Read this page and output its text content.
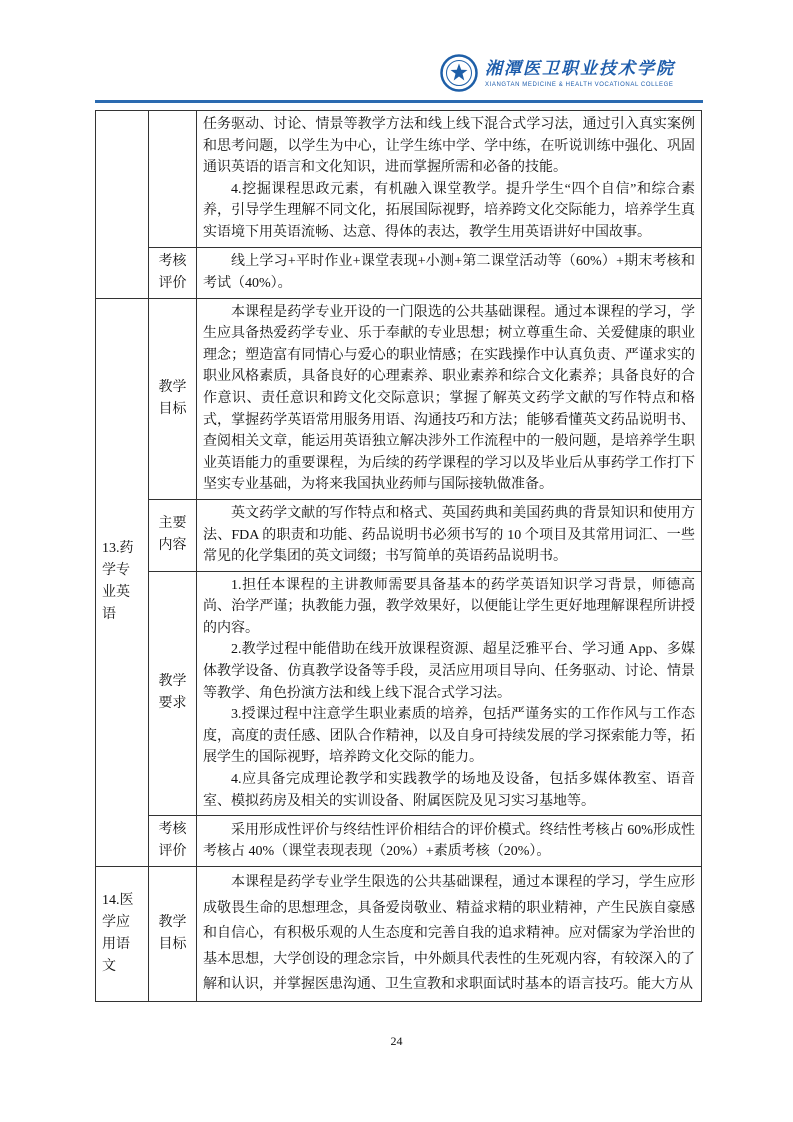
湘潭医卫职业技术学院
XIANGTAN MEDICINE & HEALTH VOCATIONAL COLLEGE

		任务驱动、讨论、情景等教学方法和线上线下混合式学习法，通过引入真实案例和思考问题，以学生为中心，让学生练中学、学中练，在听说训练中强化、巩固通识英语的语言和文化知识，进而掌握所需和必备的技能。

4.挖掘课程思政元素，有机融入课堂教学。提升学生“四个自信”和综合素养，引导学生理解不同文化，拓展国际视野，培养跨文化交际能力，培养学生真实语境下用英语流畅、达意、得体的表达，教学生用英语讲好中国故事。

	考核评价	线上学习+平时作业+课堂表现+小测+第二课堂活动等（60%）+期末考核和考试（40%）。

13.药学专业英语	教学目标	本课程是药学专业开设的一门限选的公共基础课程。通过本课程的学习，学生应具备热爱药学专业、乐于奉献的专业思想；树立尊重生命、关爱健康的职业理念；塑造富有同情心与爱心的职业情感；在实践操作中认真负责、严谨求实的职业风格素质，具备良好的心理素养、职业素养和综合文化素养；具备良好的合作意识、责任意识和跨文化交际意识；掌握了解英文药学文献的写作特点和格式，掌握药学英语常用服务用语、沟通技巧和方法；能够看懂英文药品说明书、查阅相关文章，能运用英语独立解决涉外工作流程中的一般问题，是培养学生职业英语能力的重要课程，为后续的药学课程的学习以及毕业后从事药学工作打下坚实专业基础，为将来我国执业药师与国际接轨做准备。

	主要内容	英文药学文献的写作特点和格式、英国药典和美国药典的背景知识和使用方法、FDA 的职责和功能、药品说明书必须书写的 10 个项目及其常用词汇、一些常见的化学集团的英文词缀；书写简单的英语药品说明书。

	教学要求	1.担任本课程的主讲教师需要具备基本的药学英语知识学习背景，师德高尚、治学严谨；执教能力强，教学效果好，以便能让学生更好地理解课程所讲授的内容。

2.教学过程中能借助在线开放课程资源、超星泛雅平台、学习通 App、多媒体教学设备、仿真教学设备等手段，灵活应用项目导向、任务驱动、讨论、情景等教学、角色扮演方法和线上线下混合式学习法。

3.授课过程中注意学生职业素质的培养，包括严谨务实的工作作风与工作态度，高度的责任感、团队合作精神，以及自身可持续发展的学习探索能力等，拓展学生的国际视野，培养跨文化交际的能力。

4.应具备完成理论教学和实践教学的场地及设备，包括多媒体教室、语音室、模拟药房及相关的实训设备、附属医院及见习实习基地等。

	考核评价	采用形成性评价与终结性评价相结合的评价模式。终结性考核占 60%形成性考核占 40%（课堂表现表现（20%）+素质考核（20%）。

14.医学应用语文	教学目标	本课程是药学专业学生限选的公共基础课程，通过本课程的学习，学生应形成敬畏生命的思想理念，具备爱岗敬业、精益求精的职业精神，产生民族自豪感和自信心，有积极乐观的人生态度和完善自我的追求精神。应对儒家为学治世的基本思想，大学创设的理念宗旨，中外颇具代表性的生死观内容，有较深入的了解和认识，并掌握医患沟通、卫生宣教和求职面试时基本的语言技巧。能大方从

24
